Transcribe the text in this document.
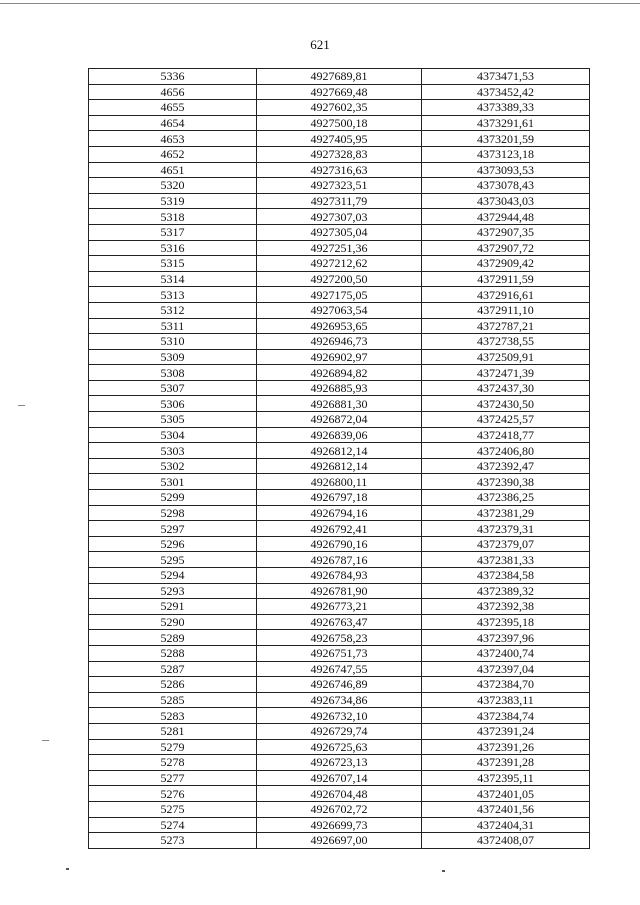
621
5336	4927689,81	4373471,53
4656	4927669,48	4373452,42
4655	4927602,35	4373389,33
4654	4927500,18	4373291,61
4653	4927405,95	4373201,59
4652	4927328,83	4373123,18
4651	4927316,63	4373093,53
5320	4927323,51	4373078,43
5319	4927311,79	4373043,03
5318	4927307,03	4372944,48
5317	4927305,04	4372907,35
5316	4927251,36	4372907,72
5315	4927212,62	4372909,42
5314	4927200,50	4372911,59
5313	4927175,05	4372916,61
5312	4927063,54	4372911,10
5311	4926953,65	4372787,21
5310	4926946,73	4372738,55
5309	4926902,97	4372509,91
5308	4926894,82	4372471,39
5307	4926885,93	4372437,30
5306	4926881,30	4372430,50
5305	4926872,04	4372425,57
5304	4926839,06	4372418,77
5303	4926812,14	4372406,80
5302	4926812,14	4372392,47
5301	4926800,11	4372390,38
5299	4926797,18	4372386,25
5298	4926794,16	4372381,29
5297	4926792,41	4372379,31
5296	4926790,16	4372379,07
5295	4926787,16	4372381,33
5294	4926784,93	4372384,58
5293	4926781,90	4372389,32
5291	4926773,21	4372392,38
5290	4926763,47	4372395,18
5289	4926758,23	4372397,96
5288	4926751,73	4372400,74
5287	4926747,55	4372397,04
5286	4926746,89	4372384,70
5285	4926734,86	4372383,11
5283	4926732,10	4372384,74
5281	4926729,74	4372391,24
5279	4926725,63	4372391,26
5278	4926723,13	4372391,28
5277	4926707,14	4372395,11
5276	4926704,48	4372401,05
5275	4926702,72	4372401,56
5274	4926699,73	4372404,31
5273	4926697,00	4372408,07
